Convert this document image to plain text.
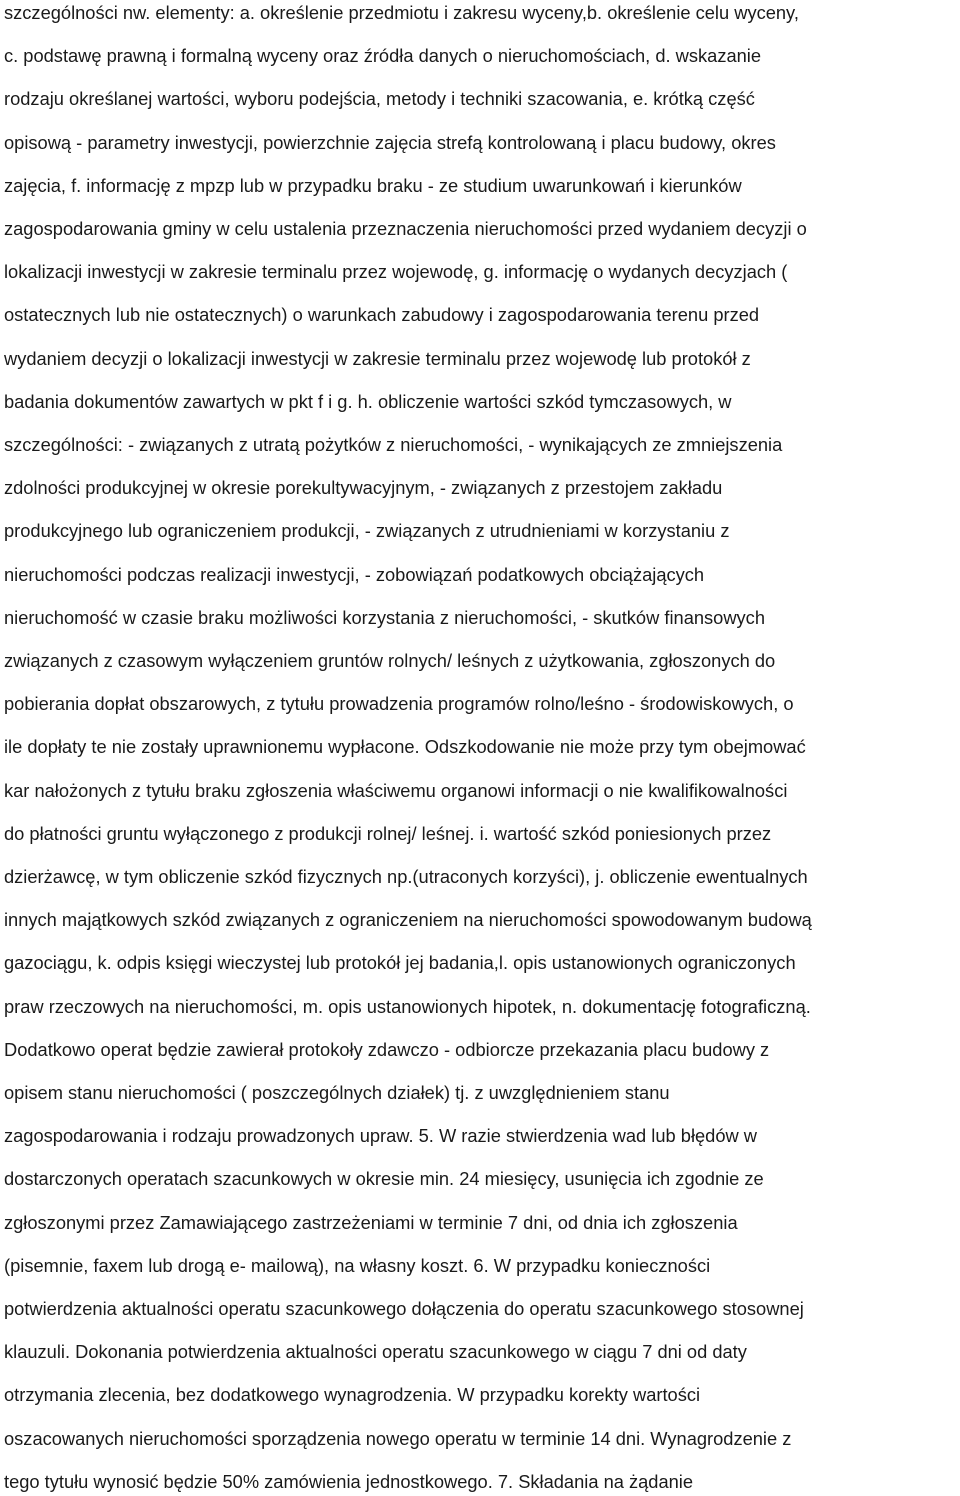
szczególności nw. elementy: a. określenie przedmiotu i zakresu wyceny,b. określenie celu wyceny,
c. podstawę prawną i formalną wyceny oraz źródła danych o nieruchomościach, d. wskazanie
rodzaju określanej wartości, wyboru podejścia, metody i techniki szacowania, e. krótką część
opisową - parametry inwestycji, powierzchnie zajęcia strefą kontrolowaną i placu budowy, okres
zajęcia, f. informację z mpzp lub w przypadku braku - ze studium uwarunkowań i kierunków
zagospodarowania gminy w celu ustalenia przeznaczenia nieruchomości przed wydaniem decyzji o
lokalizacji inwestycji w zakresie terminalu przez wojewodę, g. informację o wydanych decyzjach (
ostatecznych lub nie ostatecznych) o warunkach zabudowy i zagospodarowania terenu przed
wydaniem decyzji o lokalizacji inwestycji w zakresie terminalu przez wojewodę lub protokół z
badania dokumentów zawartych w pkt f i g. h. obliczenie wartości szkód tymczasowych, w
szczególności: - związanych z utratą pożytków z nieruchomości, - wynikających ze zmniejszenia
zdolności produkcyjnej w okresie porekultywacyjnym, - związanych z przestojem zakładu
produkcyjnego lub ograniczeniem produkcji, - związanych z utrudnieniami w korzystaniu z
nieruchomości podczas realizacji inwestycji, - zobowiązań podatkowych obciążających
nieruchomość w czasie braku możliwości korzystania z nieruchomości, - skutków finansowych
związanych z czasowym wyłączeniem gruntów rolnych/ leśnych z użytkowania, zgłoszonych do
pobierania dopłat obszarowych, z tytułu prowadzenia programów rolno/leśno - środowiskowych, o
ile dopłaty te nie zostały uprawnionemu wypłacone. Odszkodowanie nie może przy tym obejmować
kar nałożonych z tytułu braku zgłoszenia właściwemu organowi informacji o nie kwalifikowalności
do płatności gruntu wyłączonego z produkcji rolnej/ leśnej. i. wartość szkód poniesionych przez
dzierżawcę, w tym obliczenie szkód fizycznych np.(utraconych korzyści), j. obliczenie ewentualnych
innych majątkowych szkód związanych z ograniczeniem na nieruchomości spowodowanym budową
gazociągu, k. odpis księgi wieczystej lub protokół jej badania,l. opis ustanowionych ograniczonych
praw rzeczowych na nieruchomości, m. opis ustanowionych hipotek, n. dokumentację fotograficzną.
Dodatkowo operat będzie zawierał protokoły zdawczo - odbiorcze przekazania placu budowy z
opisem stanu nieruchomości ( poszczególnych działek) tj. z uwzględnieniem stanu
zagospodarowania i rodzaju prowadzonych upraw. 5. W razie stwierdzenia wad lub błędów w
dostarczonych operatach szacunkowych w okresie min. 24 miesięcy, usunięcia ich zgodnie ze
zgłoszonymi przez Zamawiającego zastrzeżeniami w terminie 7 dni, od dnia ich zgłoszenia
(pisemnie, faxem lub drogą e- mailową), na własny koszt. 6. W przypadku konieczności
potwierdzenia aktualności operatu szacunkowego dołączenia do operatu szacunkowego stosownej
klauzuli. Dokonania potwierdzenia aktualności operatu szacunkowego w ciągu 7 dni od daty
otrzymania zlecenia, bez dodatkowego wynagrodzenia. W przypadku korekty wartości
oszacowanych nieruchomości sporządzenia nowego operatu w terminie 14 dni. Wynagrodzenie z
tego tytułu wynosić będzie 50% zamówienia jednostkowego. 7. Składania na żądanie
